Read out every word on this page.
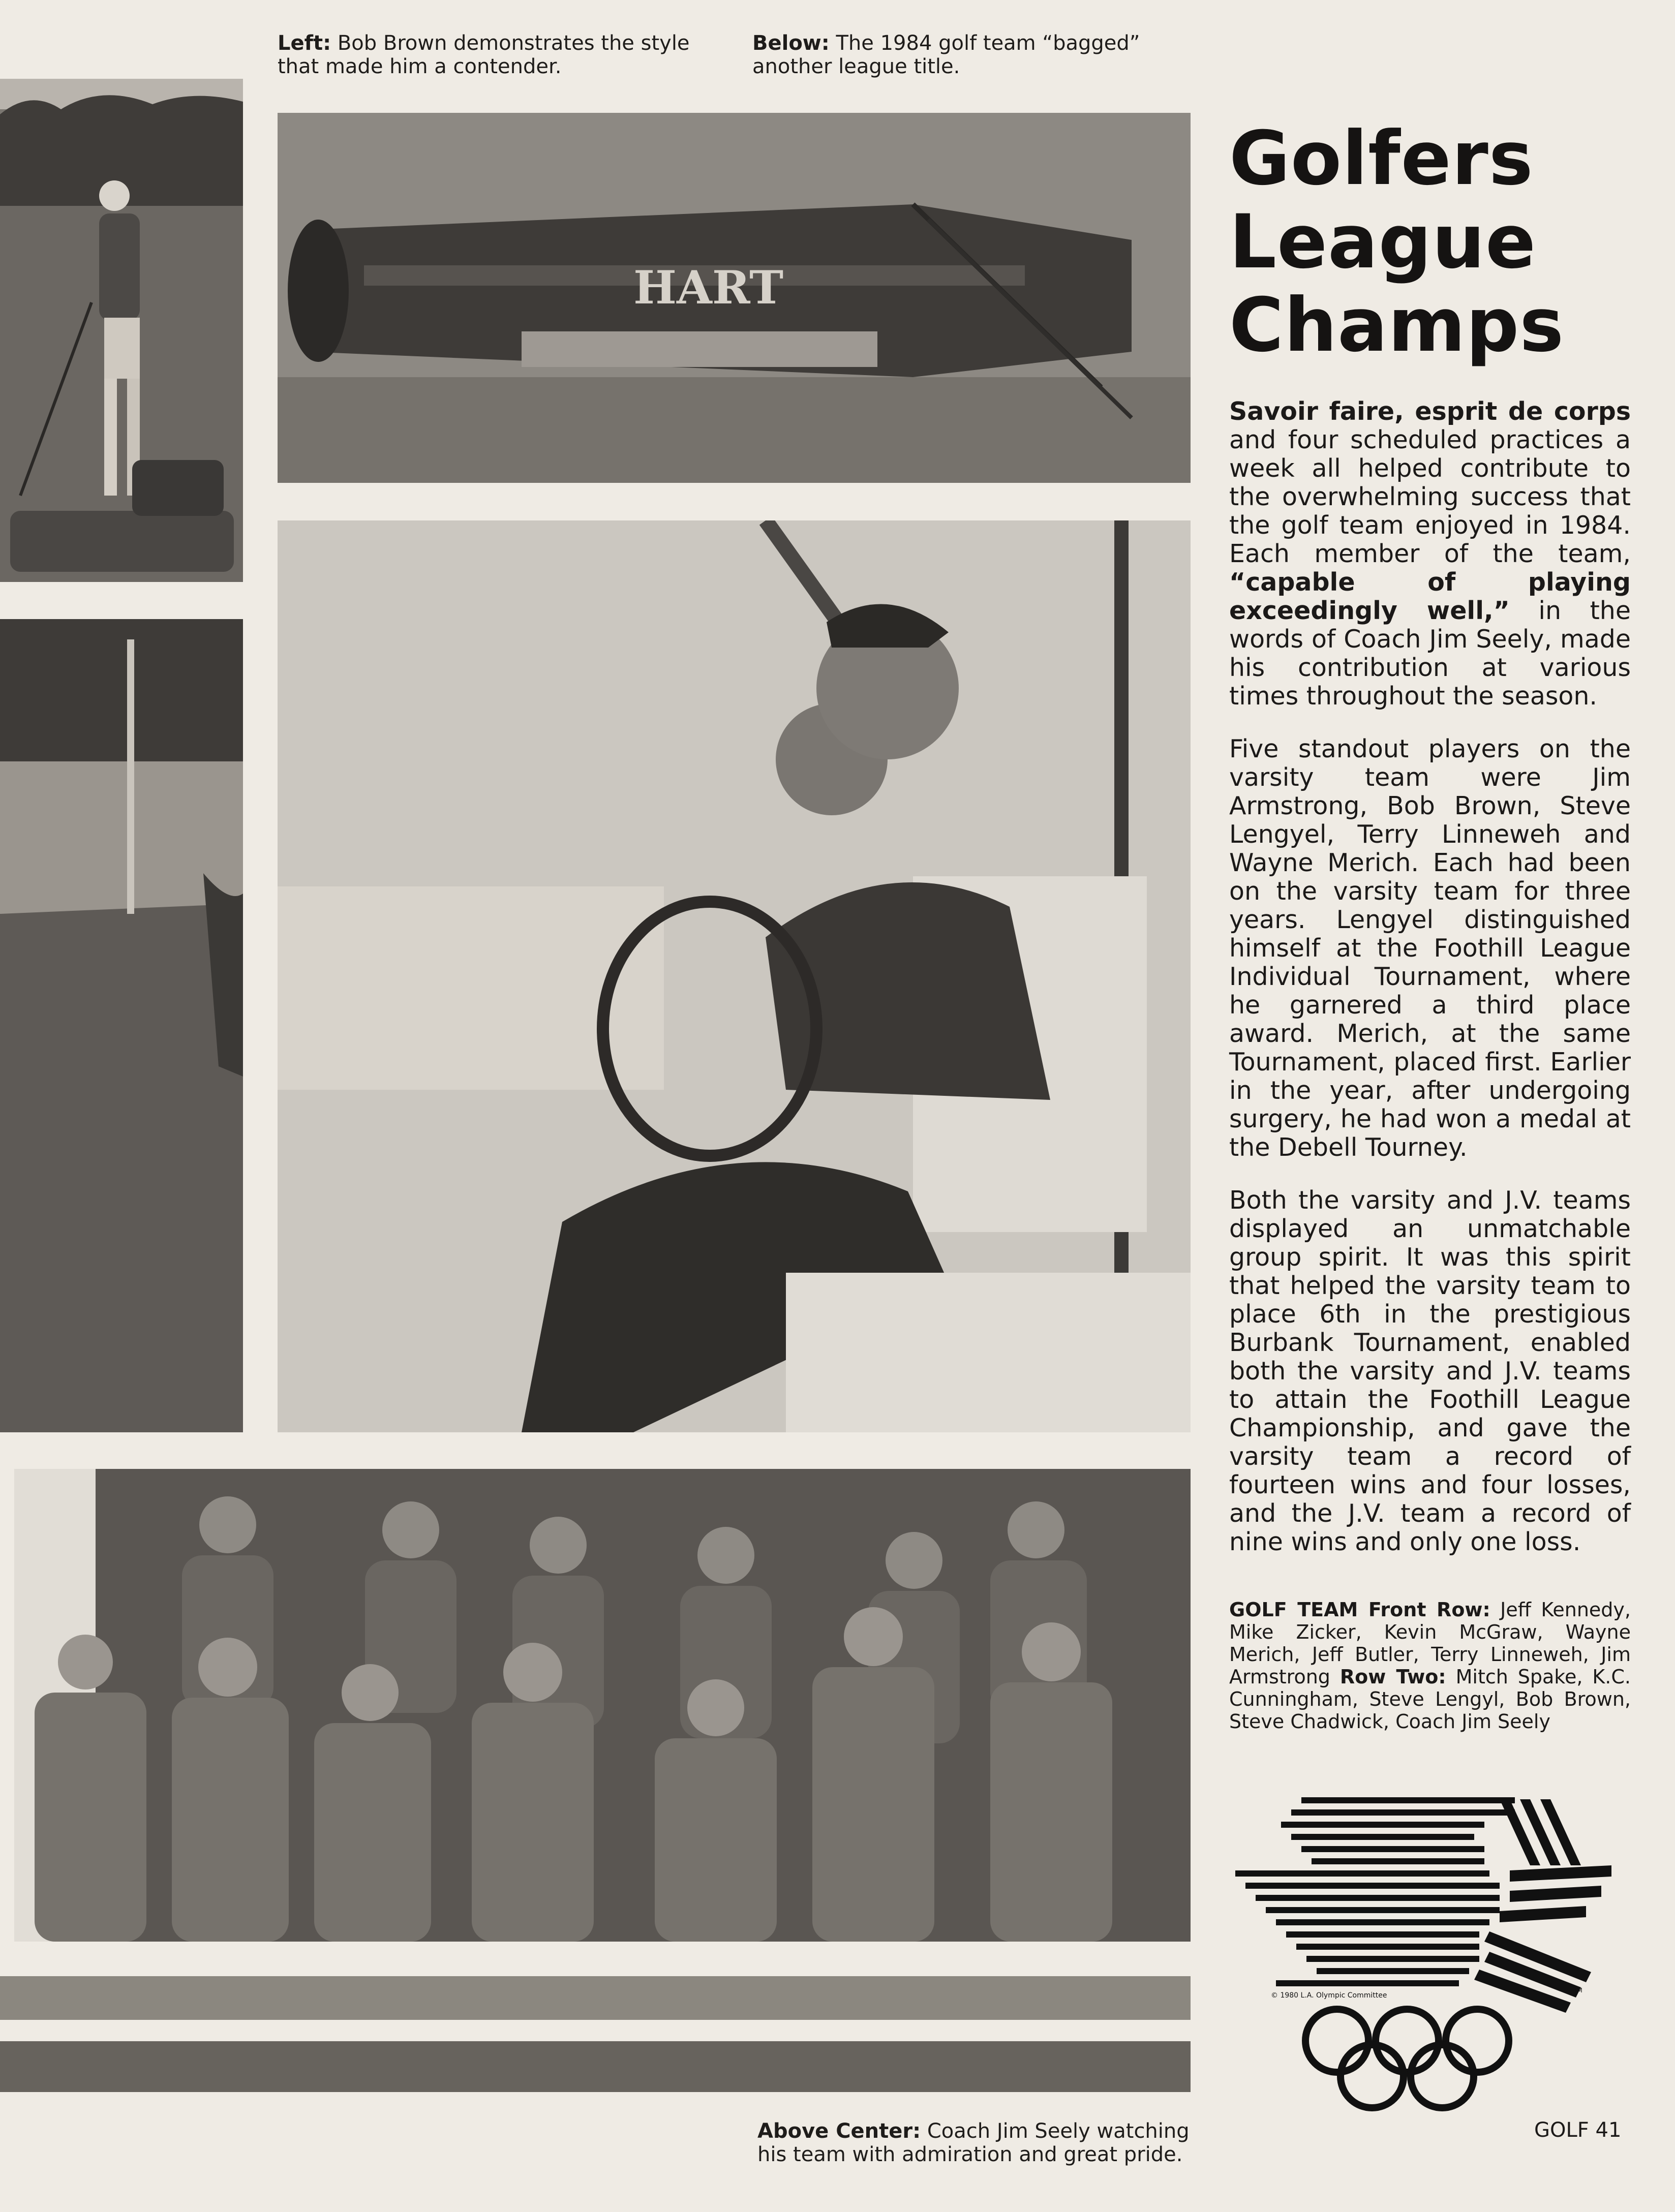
Left: Bob Brown demonstrates the style that made him a contender.
Below: The 1984 golf team “bagged” another league title.
HART
Above Center: Coach Jim Seely watching his team with admiration and great pride.
Golfers
League
Champs
Savoir faire, esprit de corps and four scheduled practices a week all helped contribute to the overwhelming success that the golf team enjoyed in 1984. Each member of the team, “capable of playing exceedingly well,” in the words of Coach Jim Seely, made his contribution at various times throughout the season.
Five standout players on the varsity team were Jim Armstrong, Bob Brown, Steve Lengyel, Terry Linneweh and Wayne Merich. Each had been on the varsity team for three years. Lengyel distinguished himself at the Foothill League Individual Tournament, where he garnered a third place award. Merich, at the same Tournament, placed first. Earlier in the year, after undergoing surgery, he had won a medal at the Debell Tourney.
Both the varsity and J.V. teams displayed an unmatchable group spirit. It was this spirit that helped the varsity team to place 6th in the prestigious Burbank Tournament, enabled both the varsity and J.V. teams to attain the Foothill League Championship, and gave the varsity team a record of fourteen wins and four losses, and the J.V. team a record of nine wins and only one loss.
GOLF TEAM Front Row: Jeff Kennedy, Mike Zicker, Kevin McGraw, Wayne Merich, Jeff Butler, Terry Linneweh, Jim Armstrong Row Two: Mitch Spake, K.C. Cunningham, Steve Lengyl, Bob Brown, Steve Chadwick, Coach Jim Seely
© 1980 L.A. Olympic Committee
TM
GOLF 41
